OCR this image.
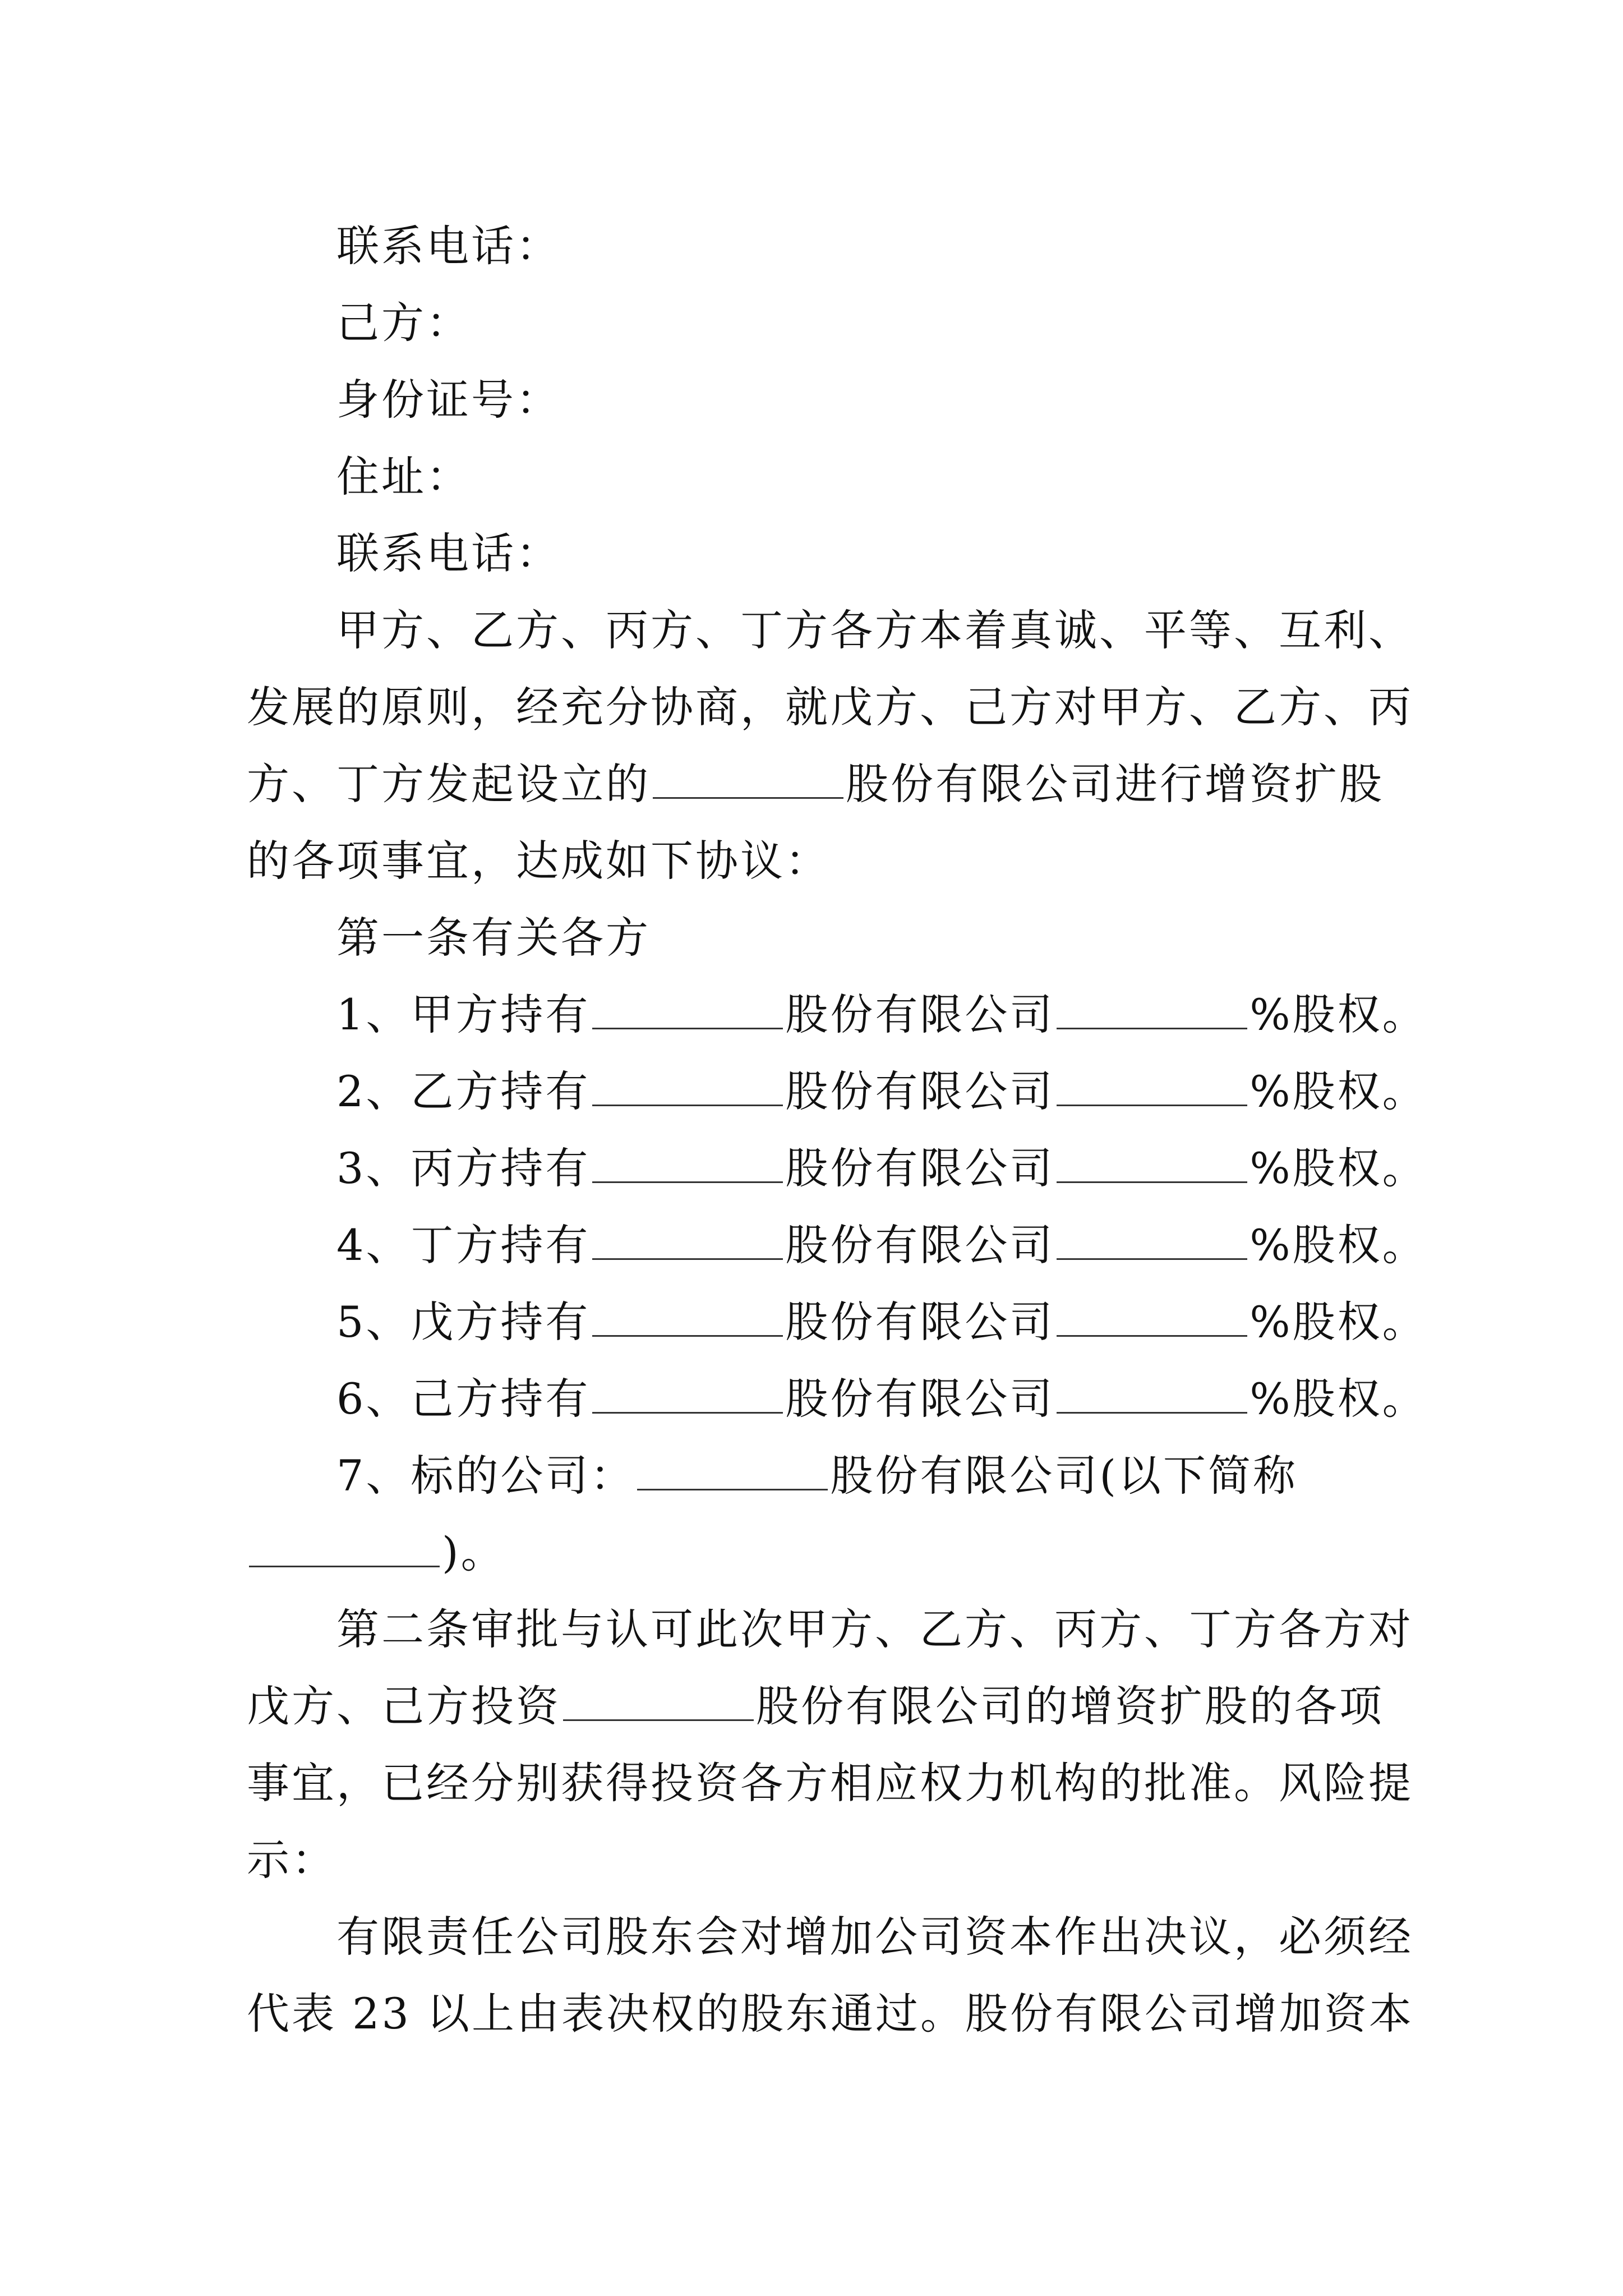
联系电话：
己方：
身份证号：
住址：
联系电话：
甲方、乙方、丙方、丁方各方本着真诚、平等、互利、
发展的原则，经充分协商，就戊方、己方对甲方、乙方、丙
方、丁方发起设立的	股份有限公司进行增资扩股
的各项事宜，达成如下协议：
第一条有关各方
1、甲方持有	股份有限公司	%股权。
2、乙方持有	股份有限公司	%股权。
3、丙方持有	股份有限公司	%股权。
4、丁方持有	股份有限公司	%股权。
5、戊方持有	股份有限公司	%股权。
6、己方持有	股份有限公司	%股权。
7、标的公司：	股份有限公司(以下简称
)。
第二条审批与认可此次甲方、乙方、丙方、丁方各方对
戊方、己方投资	股份有限公司的增资扩股的各项
事宜，已经分别获得投资各方相应权力机构的批准。风险提
示：
有限责任公司股东会对增加公司资本作出决议，必须经
代表 23 以上由表决权的股东通过。股份有限公司增加资本
